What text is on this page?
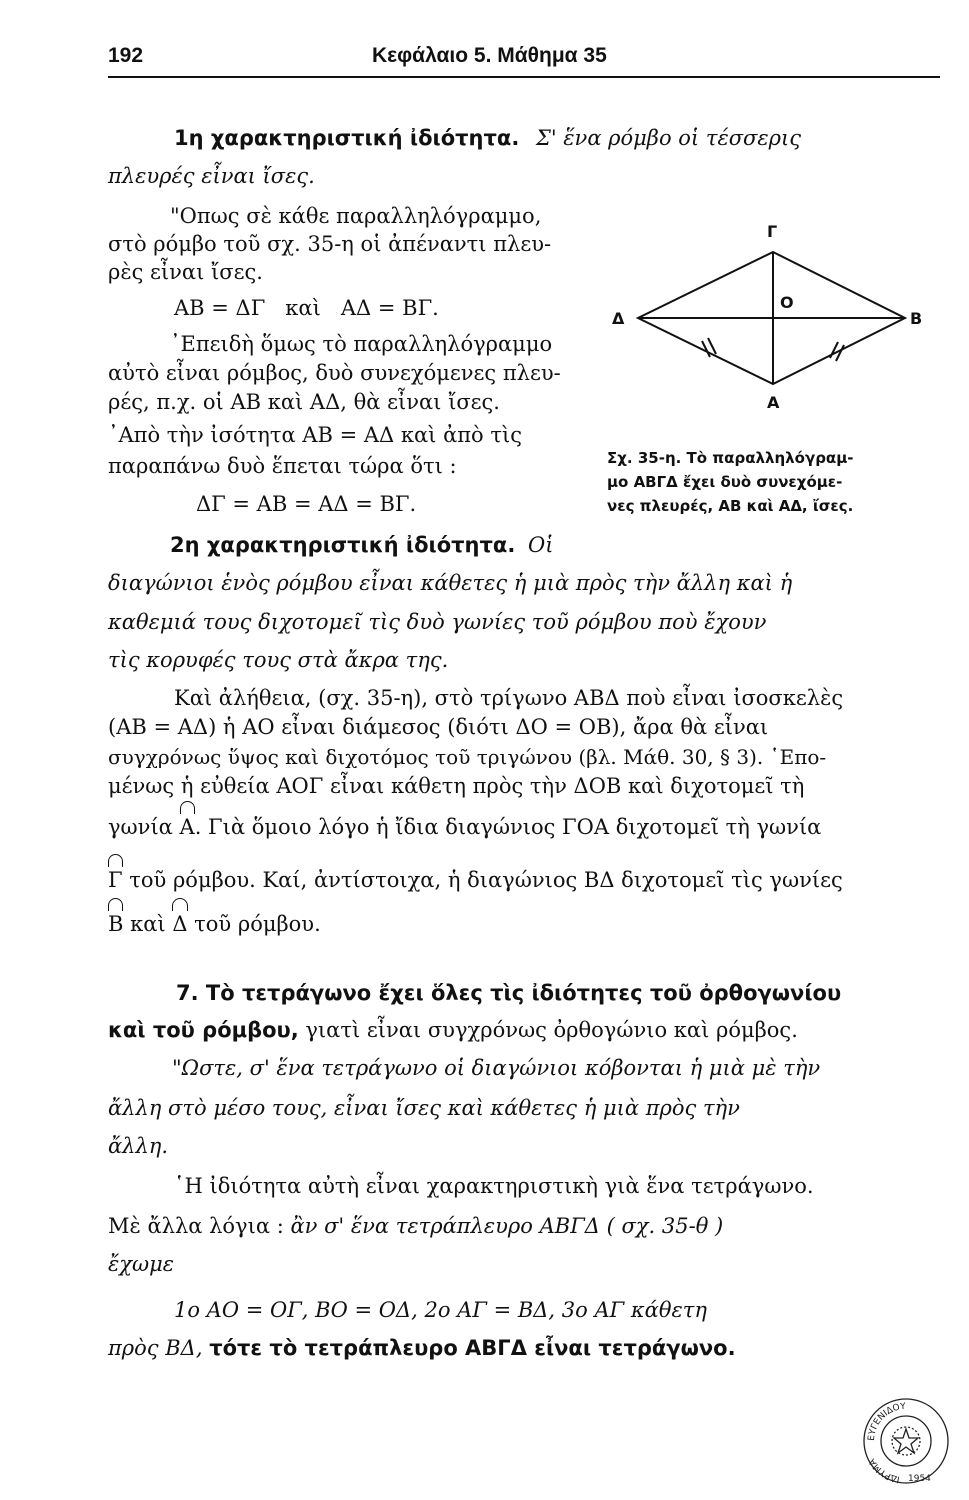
192	Κεφάλαιο 5. Μάθημα 35
1η χαρακτηριστική ἰδιότητα. Σ' ἕνα ρόμβο οἱ τέσσερις
πλευρές εἶναι ἴσες.
"Οπως σὲ κάθε παραλληλόγραμμο,
στὸ ρόμβο τοῦ σχ. 35-η οἱ ἀπέναντι πλευ-
ρὲς εἶναι ἴσες.
ΑΒ = ΔΓ   καὶ   ΑΔ = ΒΓ.
᾿Επειδὴ ὅμως τὸ παραλληλόγραμμο
αὐτὸ εἶναι ρόμβος, δυὸ συνεχόμενες πλευ-
ρές, π.χ. οἱ ΑΒ καὶ ΑΔ, θὰ εἶναι ἴσες.
᾿Απὸ τὴν ἰσότητα ΑΒ = ΑΔ καὶ ἀπὸ τὶς
παραπάνω δυὸ ἕπεται τώρα ὅτι :
ΔΓ = ΑΒ = ΑΔ = ΒΓ.
Γ
Δ	Β
Α
Ο
Σχ. 35-η. Τὸ παραλληλόγραμ-
μο ΑΒΓΔ ἔχει δυὸ συνεχόμε-
νες πλευρές, ΑΒ καὶ ΑΔ, ἴσες.
2η χαρακτηριστική ἰδιότητα. Οἱ
διαγώνιοι ἑνὸς ρόμβου εἶναι κάθετες ἡ μιὰ πρὸς τὴν ἄλλη καὶ ἡ
καθεμιά τους διχοτομεῖ τὶς δυὸ γωνίες τοῦ ρόμβου ποὺ ἔχουν
τὶς κορυφές τους στὰ ἄκρα της.
Καὶ ἀλήθεια, (σχ. 35-η), στὸ τρίγωνο ΑΒΔ ποὺ εἶναι ἰσοσκελὲς
(ΑΒ = ΑΔ) ἡ ΑΟ εἶναι διάμεσος (διότι ΔΟ = ΟΒ), ἄρα θὰ εἶναι
συγχρόνως ὕψος καὶ διχοτόμος τοῦ τριγώνου (βλ. Μάθ. 30, § 3). ῾Επο-
μένως ἡ εὐθεία ΑΟΓ εἶναι κάθετη πρὸς τὴν ΔΟΒ καὶ διχοτομεῖ τὴ
γωνία Α. Γιὰ ὅμοιο λόγο ἡ ἴδια διαγώνιος ΓΟΑ διχοτομεῖ τὴ γωνία
Γ τοῦ ρόμβου. Καί, ἀντίστοιχα, ἡ διαγώνιος ΒΔ διχοτομεῖ τὶς γωνίες
Β καὶ Δ τοῦ ρόμβου.
7. Τὸ τετράγωνο ἔχει ὅλες τὶς ἰδιότητες τοῦ ὀρθογωνίου
καὶ τοῦ ρόμβου, γιατὶ εἶναι συγχρόνως ὀρθογώνιο καὶ ρόμβος.
"Ωστε, σ' ἕνα τετράγωνο οἱ διαγώνιοι κόβονται ἡ μιὰ μὲ τὴν
ἄλλη στὸ μέσο τους, εἶναι ἴσες καὶ κάθετες ἡ μιὰ πρὸς τὴν
ἄλλη.
῾Η ἰδιότητα αὐτὴ εἶναι χαρακτηριστικὴ γιὰ ἕνα τετράγωνο.
Μὲ ἄλλα λόγια : ἂν σ' ἕνα τετράπλευρο ΑΒΓΔ ( σχ. 35-θ )
ἔχωμε
1ο ΑΟ = ΟΓ, ΒΟ = ΟΔ, 2ο ΑΓ = ΒΔ, 3ο ΑΓ κάθετη
πρὸς ΒΔ, τότε τὸ τετράπλευρο ΑΒΓΔ εἶναι τετράγωνο.
ΕΥΓΕΝΙΔΟΥ
ΙΔΡΥΜΑ
1954
